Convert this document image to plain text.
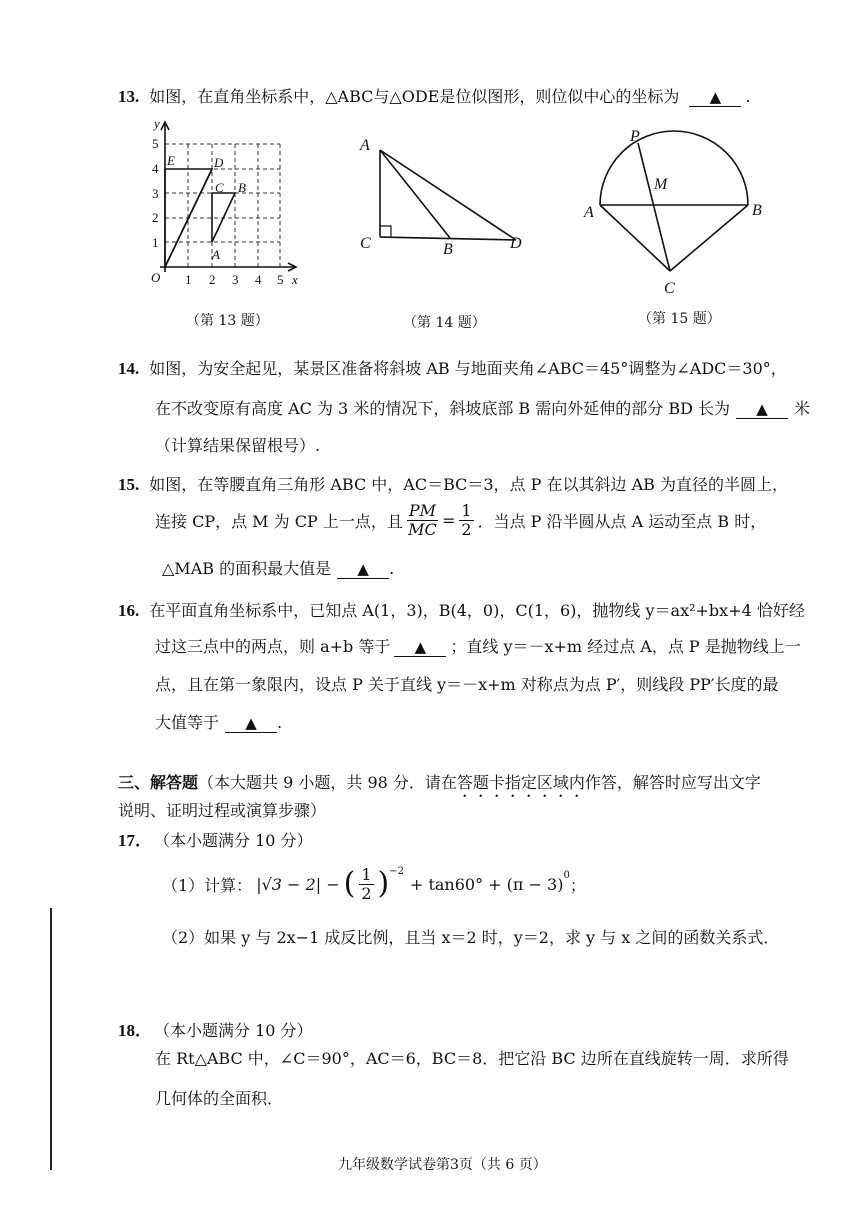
13. 如图，在直角坐标系中，△ABC与△ODE是位似图形，则位似中心的坐标为 ▲ .
5
4
3
2
1
1 2 3 4 5 x
y
O
E	D
C B
A
（第 13 题）
A
C	B	D
（第 14 题）
P
M
A	B
C
（第 15 题）
14. 如图，为安全起见，某景区准备将斜坡 AB 与地面夹角∠ABC＝45°调整为∠ADC＝30°，
在不改变原有高度 AC 为 3 米的情况下，斜坡底部 B 需向外延伸的部分 BD 长为 ▲ 米
（计算结果保留根号）.
15. 如图，在等腰直角三角形 ABC 中，AC＝BC＝3，点 P 在以其斜边 AB 为直径的半圆上，
连接 CP，点 M 为 CP 上一点，且 $\frac{PM}{MC} = \frac{1}{2}$ ．当点 P 沿半圆从点 A 运动至点 B 时，
△MAB 的面积最大值是 ▲ .
16. 在平面直角坐标系中，已知点 A(1，3)，B(4，0)，C(1，6)，抛物线 y＝ax²+bx+4 恰好经
过这三点中的两点，则 a+b 等于 ▲ ；直线 y＝－x+m 经过点 A，点 P 是抛物线上一
点，且在第一象限内，设点 P 关于直线 y＝－x+m 对称点为点 P′，则线段 PP′长度的最
大值等于 ▲ .
三、解答题（本大题共 9 小题，共 98 分．请在答题卡指定区域内作答，解答时应写出文字
说明、证明过程或演算步骤）
17． （本小题满分 10 分）
（1）计算： |√3 − 2| − ( $\frac{1}{2} )^{-2}$
+ $\tan 60^\circ + (\pi - 3)^0$
；
（2）如果 y 与 2x−1 成反比例，且当 x＝2 时，y＝2，求 y 与 x 之间的函数关系式．
18． （本小题满分 10 分）
在 Rt△ABC 中，∠C＝90°，AC＝6，BC＝8．把它沿 BC 边所在直线旋转一周．求所得
几何体的全面积．
九年级数学试卷第3页（共 6 页）
